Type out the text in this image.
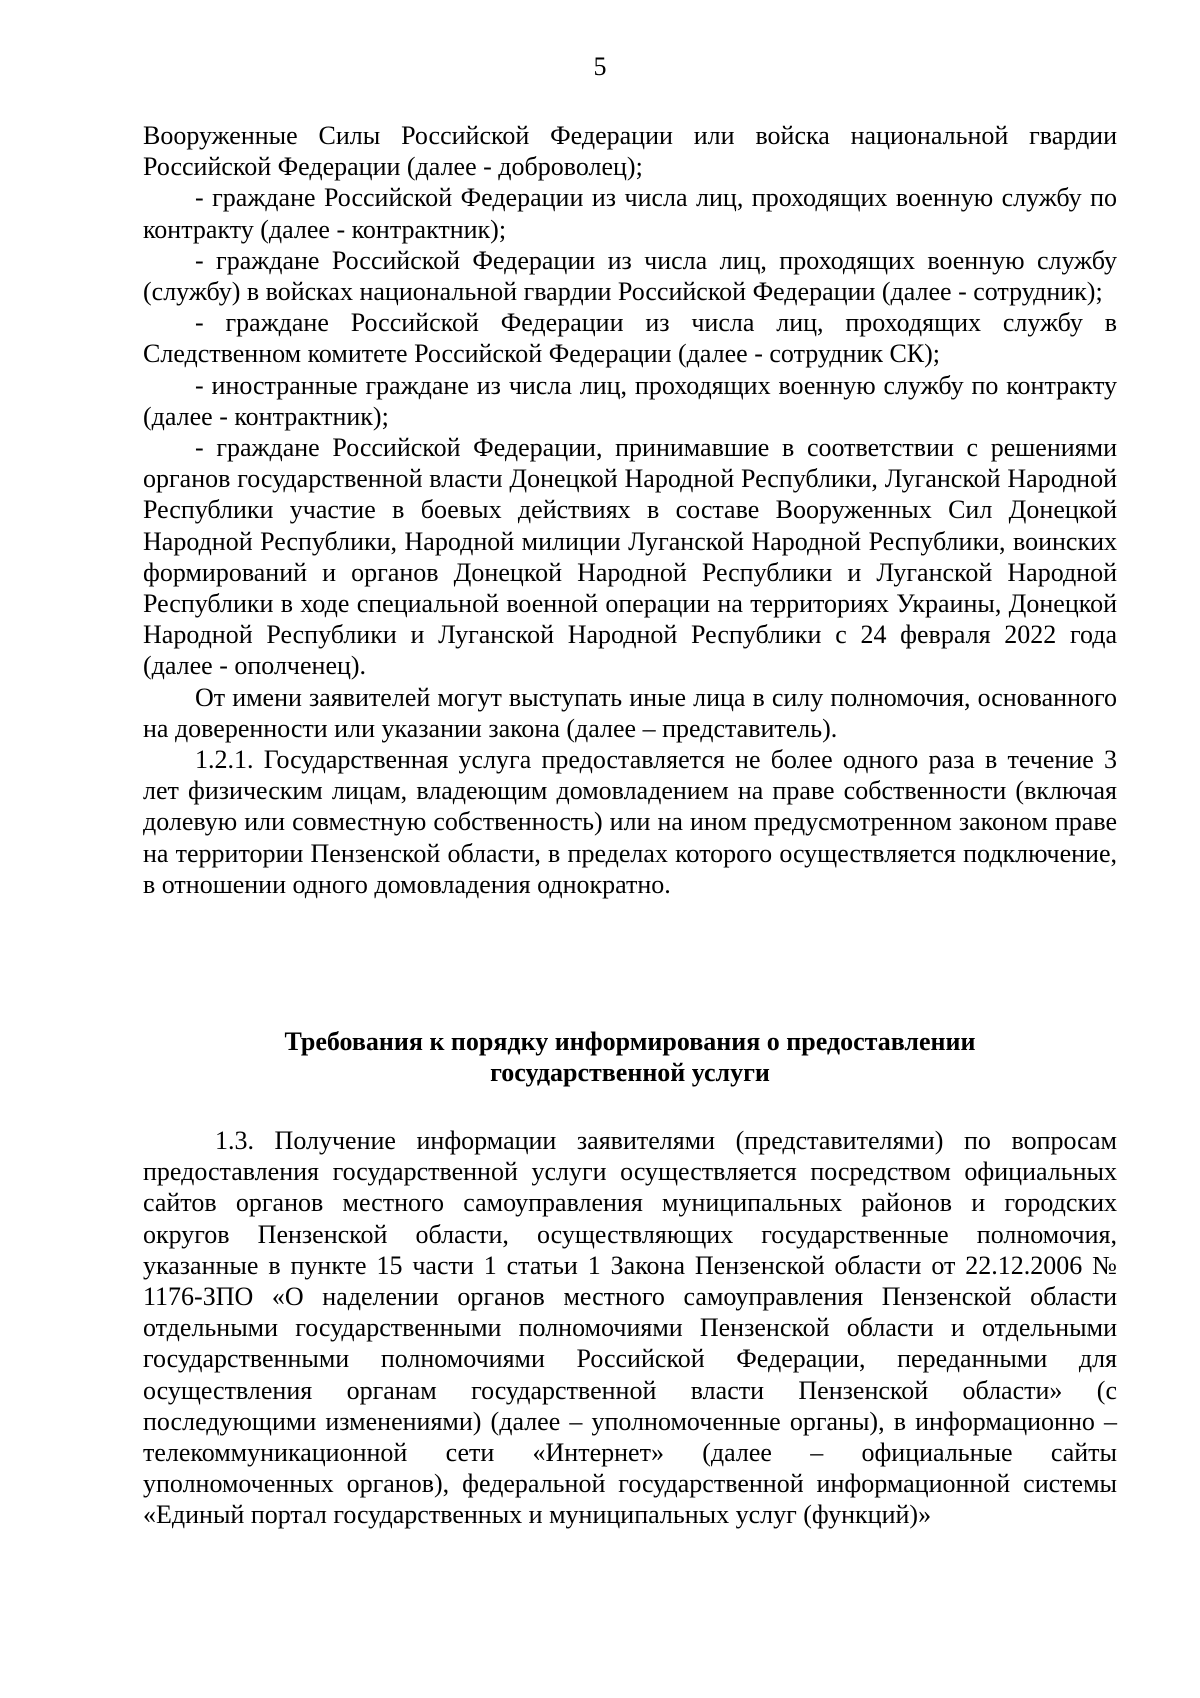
5

Вооруженные Силы Российской Федерации или войска национальной гвардии Российской Федерации (далее - доброволец);

- граждане Российской Федерации из числа лиц, проходящих военную службу по контракту (далее - контрактник);

- граждане Российской Федерации из числа лиц, проходящих военную службу (службу) в войсках национальной гвардии Российской Федерации (далее - сотрудник);

- граждане Российской Федерации из числа лиц, проходящих службу в Следственном комитете Российской Федерации (далее - сотрудник СК);

- иностранные граждане из числа лиц, проходящих военную службу по контракту (далее - контрактник);

- граждане Российской Федерации, принимавшие в соответствии с решениями органов государственной власти Донецкой Народной Республики, Луганской Народной Республики участие в боевых действиях в составе Вооруженных Сил Донецкой Народной Республики, Народной милиции Луганской Народной Республики, воинских формирований и органов Донецкой Народной Республики и Луганской Народной Республики в ходе специальной военной операции на территориях Украины, Донецкой Народной Республики и Луганской Народной Республики с 24 февраля 2022 года (далее - ополченец).

От имени заявителей могут выступать иные лица в силу полномочия, основанного на доверенности или указании закона (далее – представитель).

1.2.1. Государственная услуга предоставляется не более одного раза в течение 3 лет физическим лицам, владеющим домовладением на праве собственности (включая долевую или совместную собственность) или на ином предусмотренном законом праве на территории Пензенской области, в пределах которого осуществляется подключение, в отношении одного домовладения однократно.

Требования к порядку информирования о предоставлении
государственной услуги

1.3. Получение информации заявителями (представителями) по вопросам предоставления государственной услуги осуществляется посредством официальных сайтов органов местного самоуправления муниципальных районов и городских округов Пензенской области, осуществляющих государственные полномочия, указанные в пункте 15 части 1 статьи 1 Закона Пензенской области от 22.12.2006 № 1176-ЗПО «О наделении органов местного самоуправления Пензенской области отдельными государственными полномочиями Пензенской области и отдельными государственными полномочиями Российской Федерации, переданными для осуществления органам государственной власти Пензенской области» (с последующими изменениями) (далее – уполномоченные органы), в информационно – телекоммуникационной сети «Интернет» (далее – официальные сайты уполномоченных органов), федеральной государственной информационной системы «Единый портал государственных и муниципальных услуг (функций)»
